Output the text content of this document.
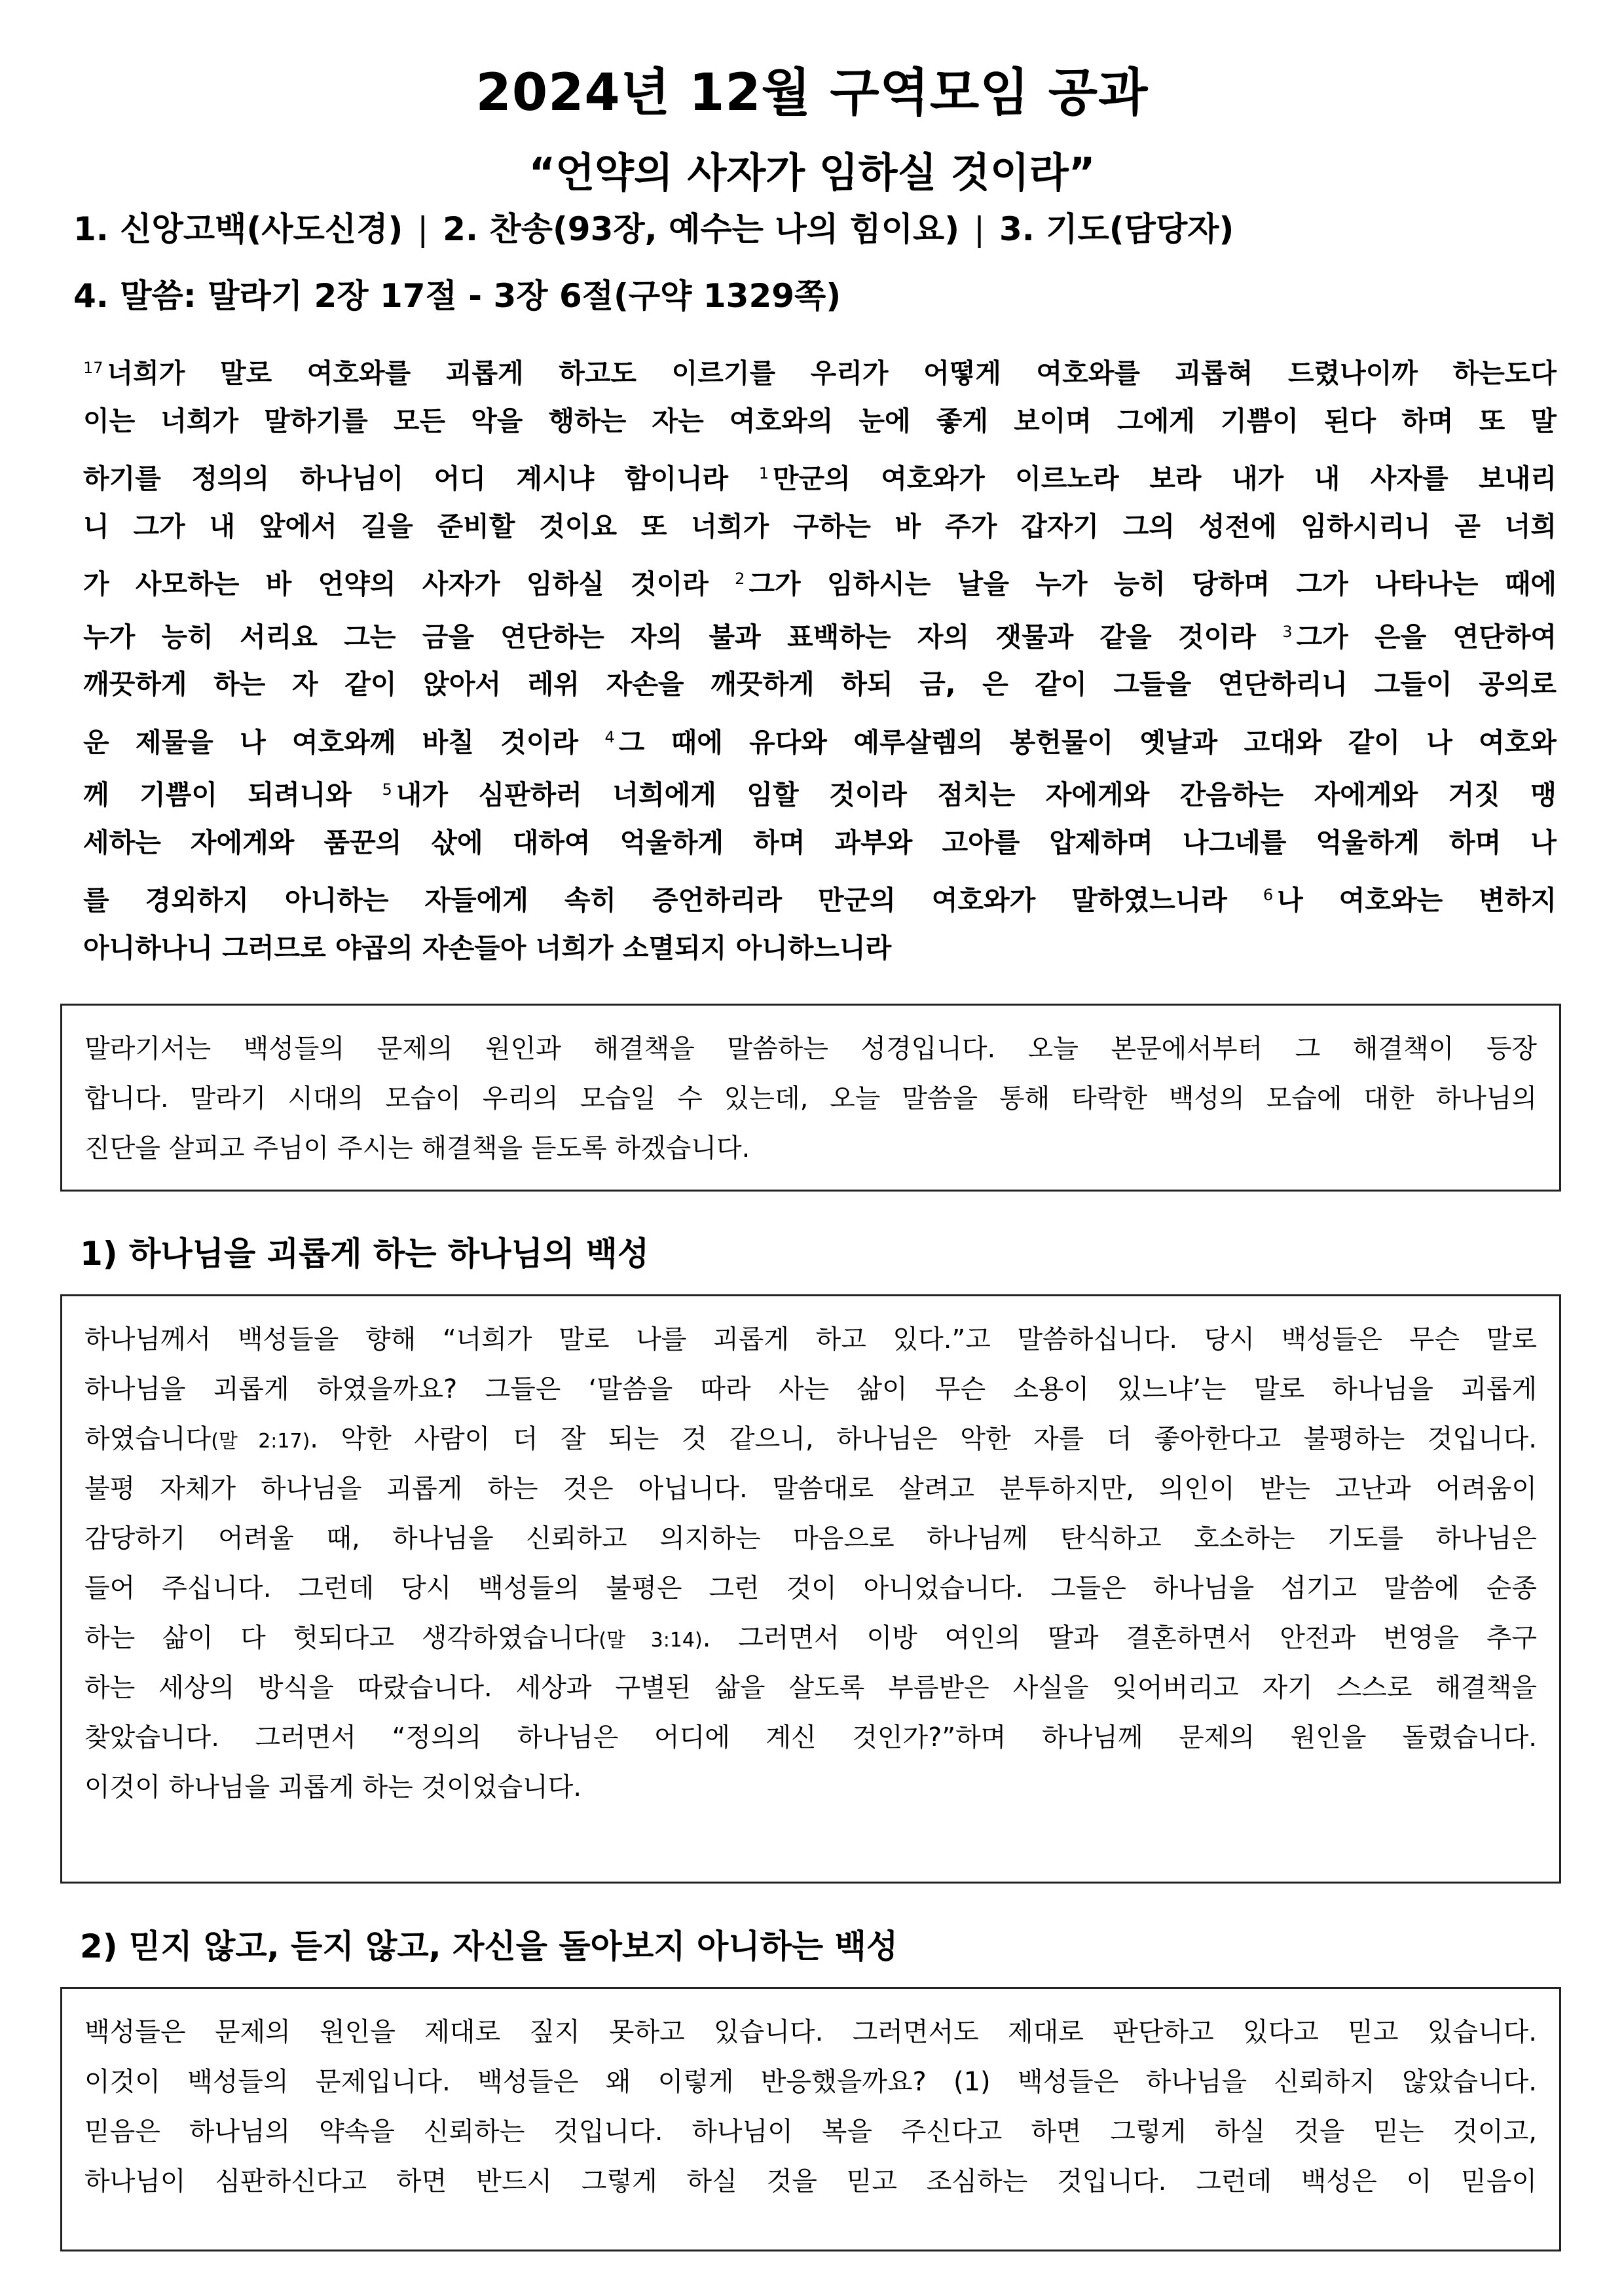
2024년 12월 구역모임 공과
“언약의 사자가 임하실 것이라”
1. 신앙고백(사도신경) | 2. 찬송(93장, 예수는 나의 힘이요) | 3. 기도(담당자)
4. 말씀: 말라기 2장 17절 - 3장 6절(구약 1329쪽)
$^{17}$ 너희가 말로 여호와를 괴롭게 하고도 이르기를 우리가 어떻게 여호와를 괴롭혀 드렸나이까 하는도다
이는 너희가 말하기를 모든 악을 행하는 자는 여호와의 눈에 좋게 보이며 그에게 기쁨이 된다 하며 또 말
하기를 정의의 하나님이 어디 계시냐 함이니라 $^1$ 만군의 여호와가 이르노라 보라 내가 내 사자를 보내리
니 그가 내 앞에서 길을 준비할 것이요 또 너희가 구하는 바 주가 갑자기 그의 성전에 임하시리니 곧 너희
가 사모하는 바 언약의 사자가 임하실 것이라 $^2$ 그가 임하시는 날을 누가 능히 당하며 그가 나타나는 때에
누가 능히 서리요 그는 금을 연단하는 자의 불과 표백하는 자의 잿물과 같을 것이라 $^3$ 그가 은을 연단하여
깨끗하게 하는 자 같이 앉아서 레위 자손을 깨끗하게 하되 금, 은 같이 그들을 연단하리니 그들이 공의로
운 제물을 나 여호와께 바칠 것이라 $^4$ 그 때에 유다와 예루살렘의 봉헌물이 옛날과 고대와 같이 나 여호와
께 기쁨이 되려니와 $^5$ 내가 심판하러 너희에게 임할 것이라 점치는 자에게와 간음하는 자에게와 거짓 맹
세하는 자에게와 품꾼의 삯에 대하여 억울하게 하며 과부와 고아를 압제하며 나그네를 억울하게 하며 나
를 경외하지 아니하는 자들에게 속히 증언하리라 만군의 여호와가 말하였느니라 $^6$ 나 여호와는 변하지
아니하나니 그러므로 야곱의 자손들아 너희가 소멸되지 아니하느니라
말라기서는 백성들의 문제의 원인과 해결책을 말씀하는 성경입니다. 오늘 본문에서부터 그 해결책이 등장
합니다. 말라기 시대의 모습이 우리의 모습일 수 있는데, 오늘 말씀을 통해 타락한 백성의 모습에 대한 하나님의
진단을 살피고 주님이 주시는 해결책을 듣도록 하겠습니다.
1) 하나님을 괴롭게 하는 하나님의 백성
하나님께서 백성들을 향해 “너희가 말로 나를 괴롭게 하고 있다.”고 말씀하십니다. 당시 백성들은 무슨 말로
하나님을 괴롭게 하였을까요? 그들은 ‘말씀을 따라 사는 삶이 무슨 소용이 있느냐’는 말로 하나님을 괴롭게
하였습니다(말 2:17). 악한 사람이 더 잘 되는 것 같으니, 하나님은 악한 자를 더 좋아한다고 불평하는 것입니다.
불평 자체가 하나님을 괴롭게 하는 것은 아닙니다. 말씀대로 살려고 분투하지만, 의인이 받는 고난과 어려움이
감당하기 어려울 때, 하나님을 신뢰하고 의지하는 마음으로 하나님께 탄식하고 호소하는 기도를 하나님은
들어 주십니다. 그런데 당시 백성들의 불평은 그런 것이 아니었습니다. 그들은 하나님을 섬기고 말씀에 순종
하는 삶이 다 헛되다고 생각하였습니다(말 3:14). 그러면서 이방 여인의 딸과 결혼하면서 안전과 번영을 추구
하는 세상의 방식을 따랐습니다. 세상과 구별된 삶을 살도록 부름받은 사실을 잊어버리고 자기 스스로 해결책을
찾았습니다. 그러면서 “정의의 하나님은 어디에 계신 것인가?”하며 하나님께 문제의 원인을 돌렸습니다.
이것이 하나님을 괴롭게 하는 것이었습니다.
2) 믿지 않고, 듣지 않고, 자신을 돌아보지 아니하는 백성
백성들은 문제의 원인을 제대로 짚지 못하고 있습니다. 그러면서도 제대로 판단하고 있다고 믿고 있습니다.
이것이 백성들의 문제입니다. 백성들은 왜 이렇게 반응했을까요? (1) 백성들은 하나님을 신뢰하지 않았습니다.
믿음은 하나님의 약속을 신뢰하는 것입니다. 하나님이 복을 주신다고 하면 그렇게 하실 것을 믿는 것이고,
하나님이 심판하신다고 하면 반드시 그렇게 하실 것을 믿고 조심하는 것입니다. 그런데 백성은 이 믿음이
